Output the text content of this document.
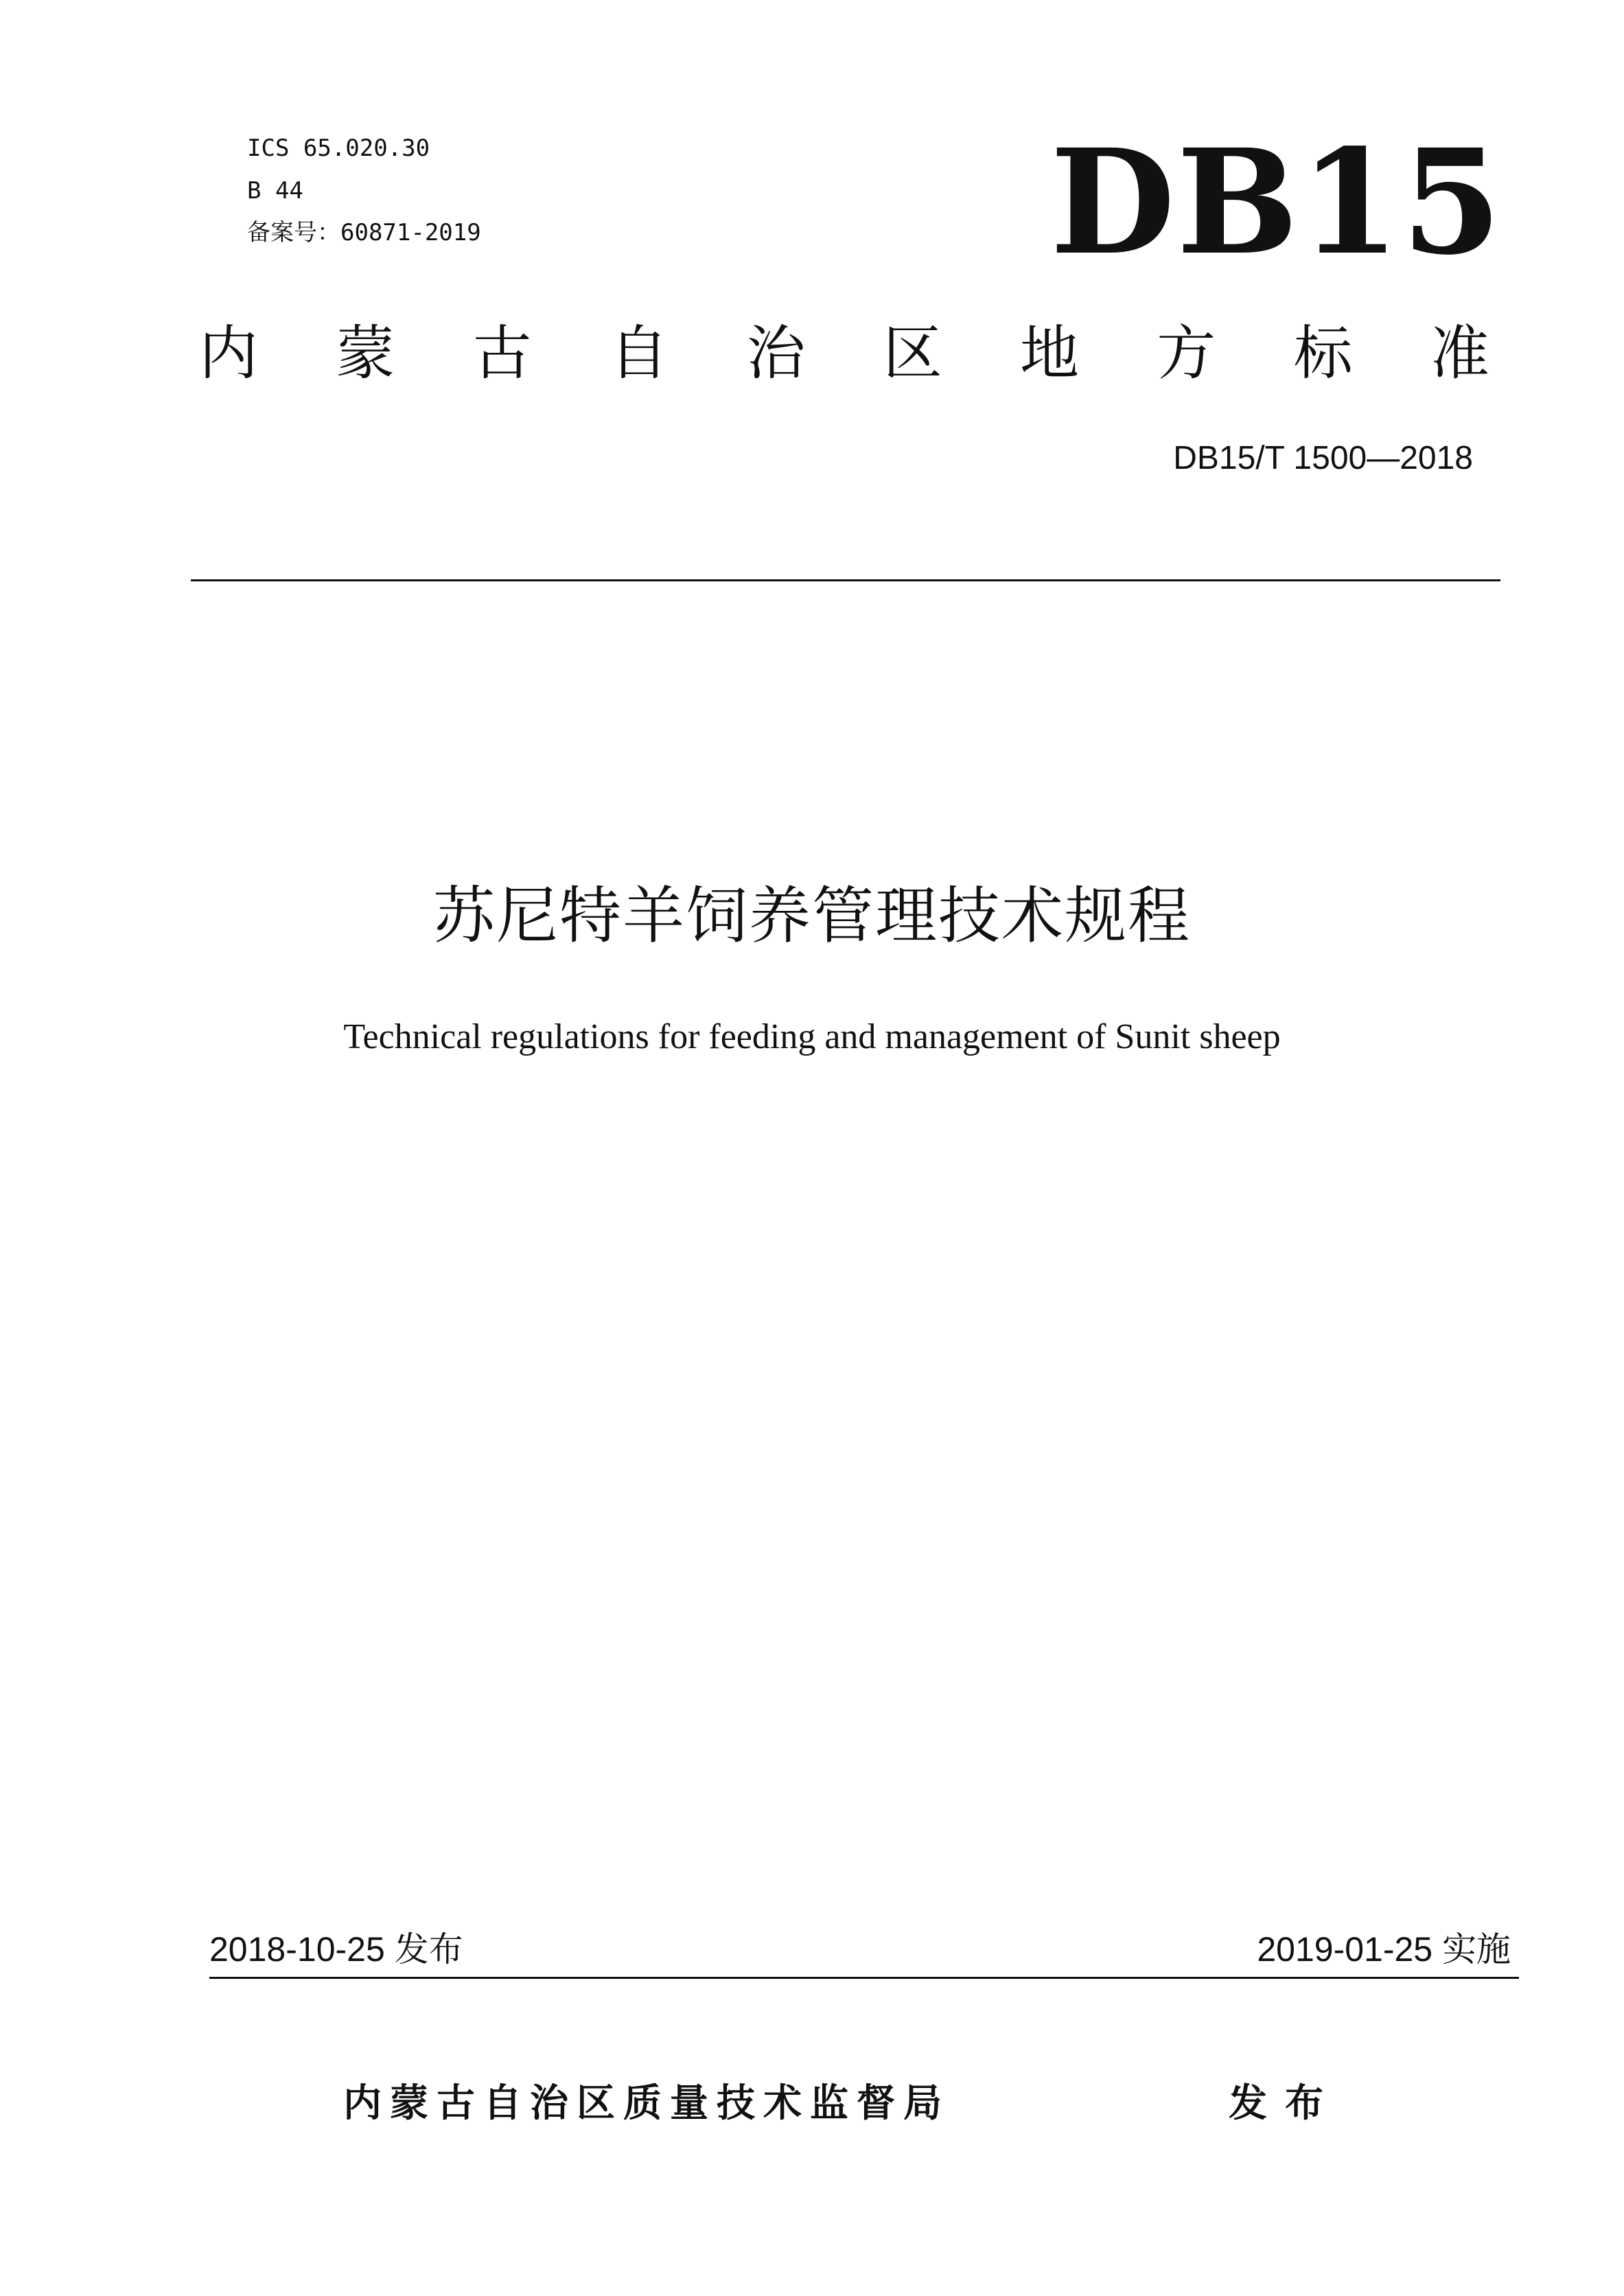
ICS 65.020.30
B 44
备案号：60871-2019	DB15
内 蒙 古 自 治 区 地 方 标 准
DB15/T 1500—2018
苏尼特羊饲养管理技术规程
Technical regulations for feeding and management of Sunit sheep
2018-10-25 发布	2019-01-25 实施
内蒙古自治区质量技术监督局	发布
